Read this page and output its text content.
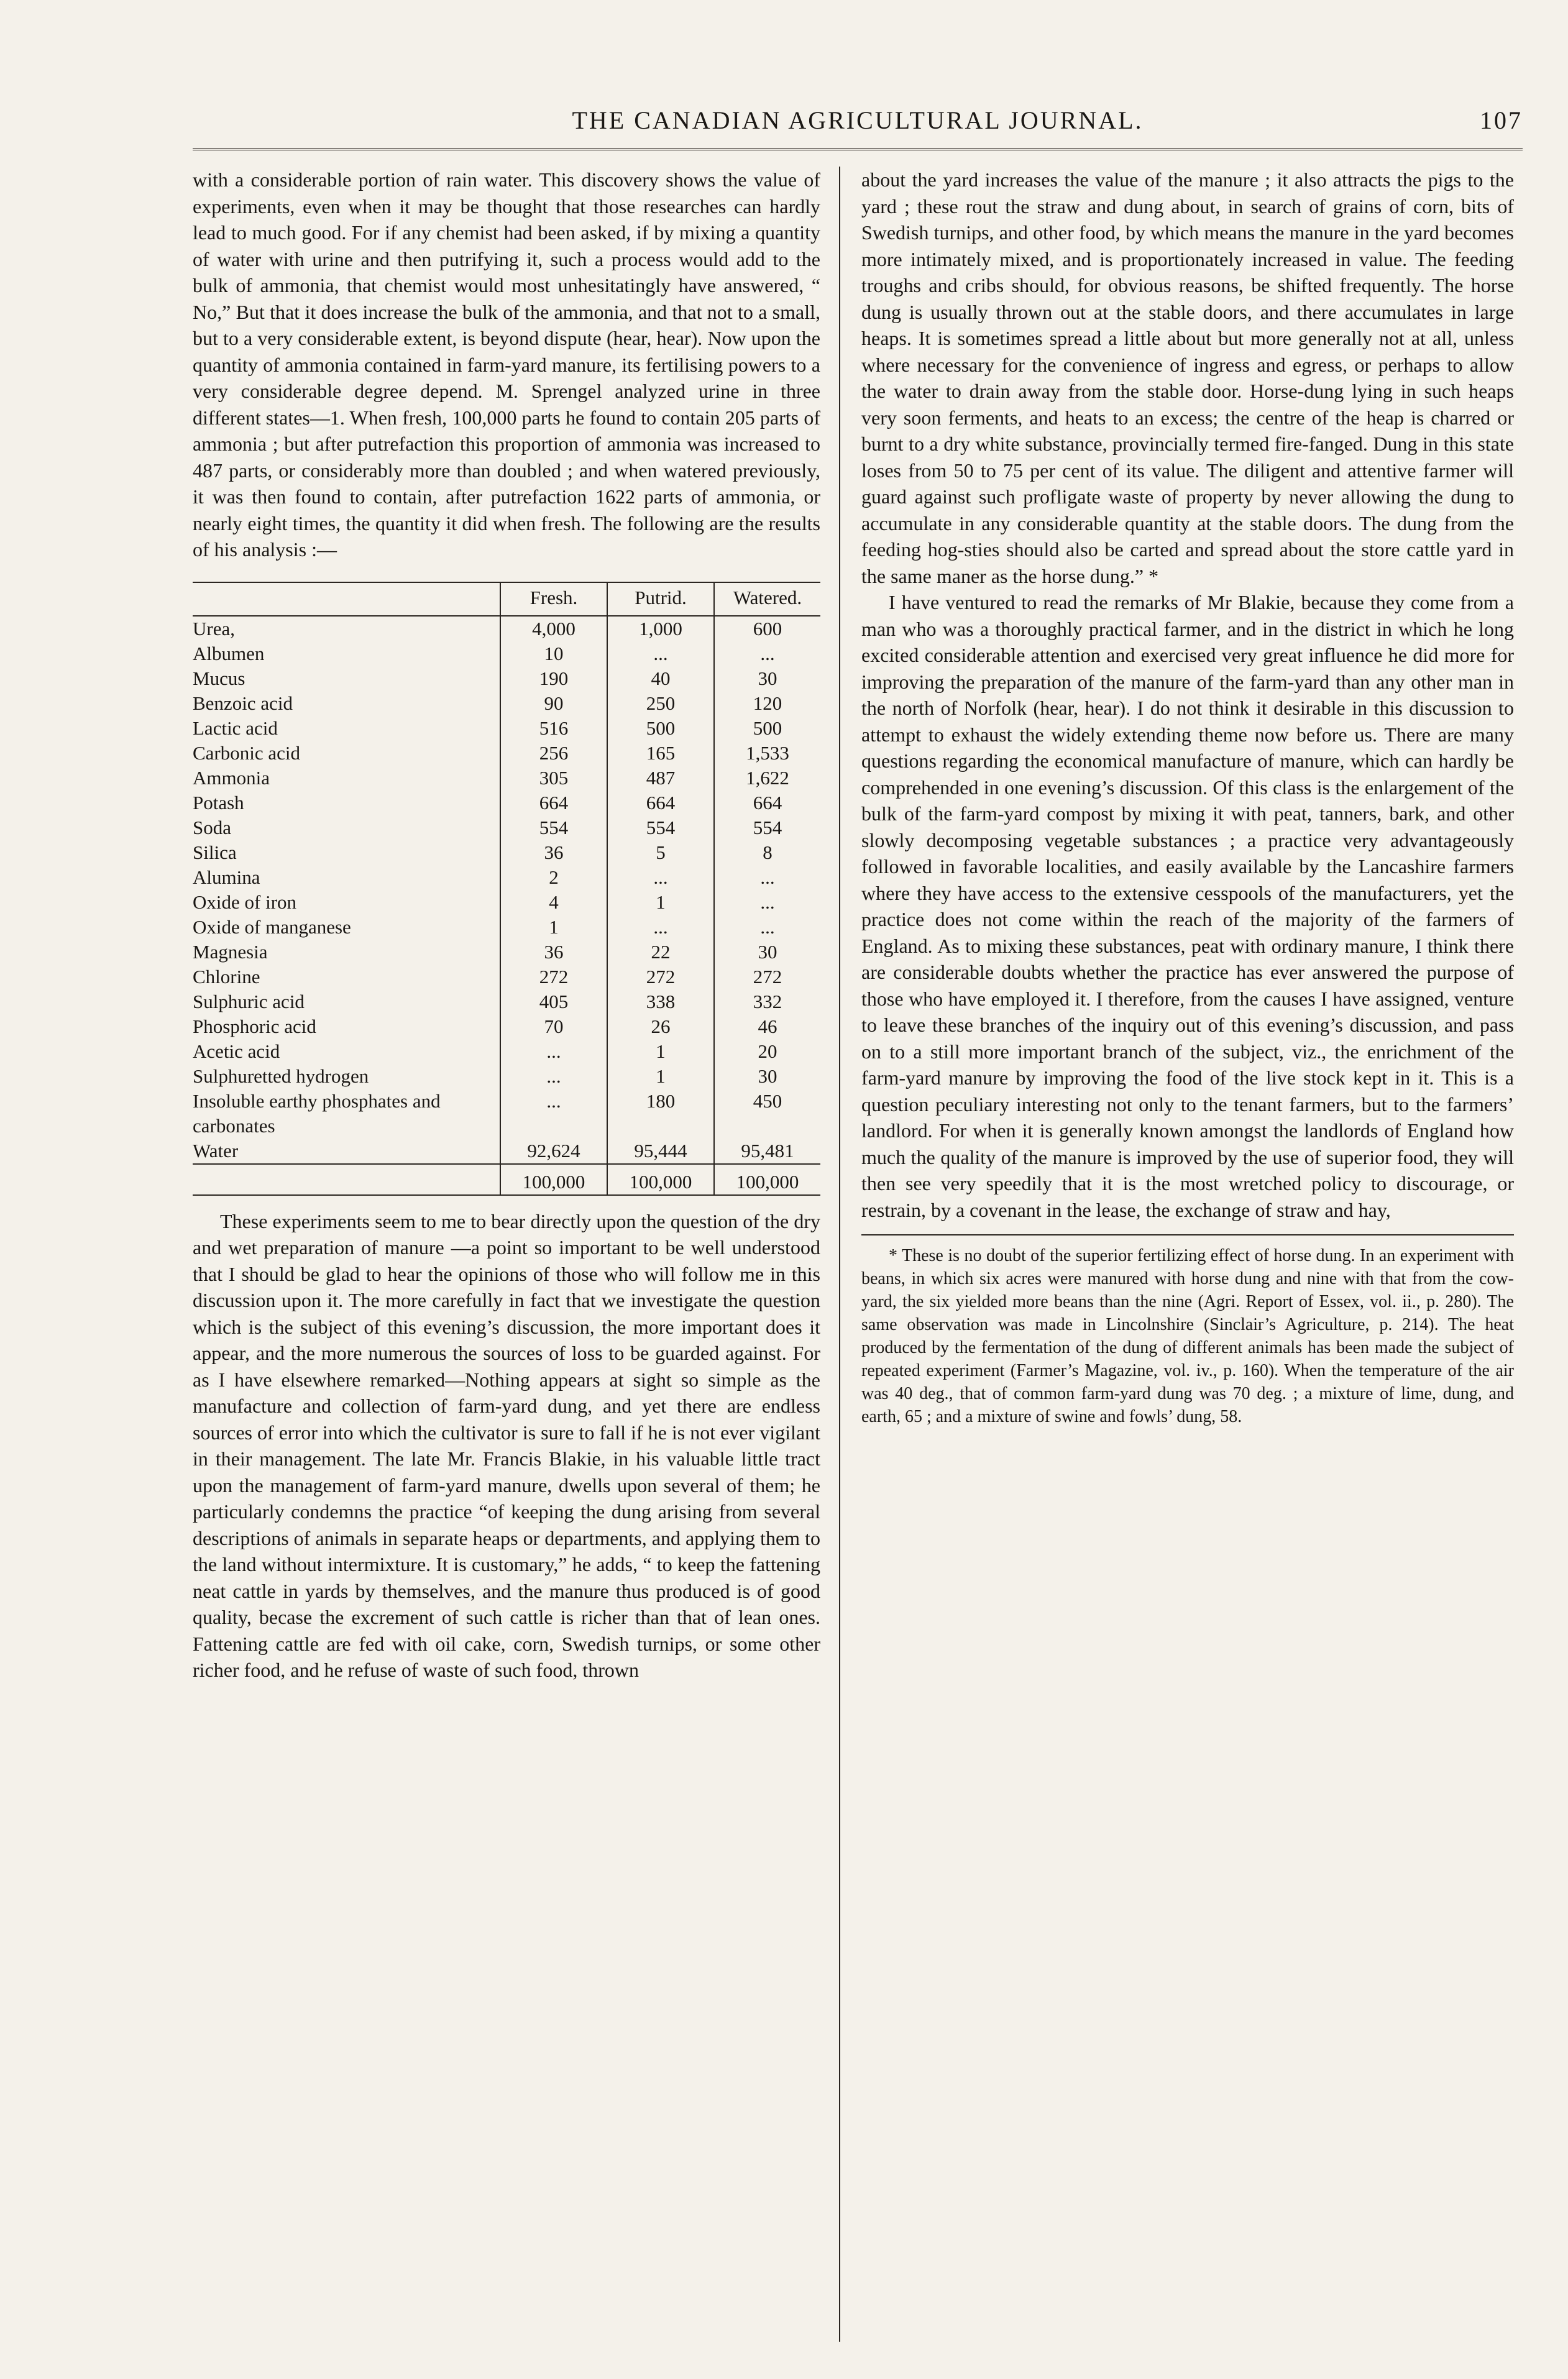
THE CANADIAN AGRICULTURAL JOURNAL.	107

with a considerable portion of rain water. This discovery shows the value of experiments, even when it may be thought that those researches can hardly lead to much good. For if any chemist had been asked, if by mixing a quantity of water with urine and then putrifying it, such a process would add to the bulk of ammonia, that chemist would most unhesitatingly have answered, “ No,” But that it does increase the bulk of the ammonia, and that not to a small, but to a very considerable extent, is beyond dispute (hear, hear). Now upon the quantity of ammonia contained in farm-yard manure, its fertilising powers to a very considerable degree depend. M. Sprengel analyzed urine in three different states—1. When fresh, 100,000 parts he found to contain 205 parts of ammonia ; but after putrefaction this proportion of ammonia was increased to 487 parts, or considerably more than doubled ; and when watered previously, it was then found to contain, after putrefaction 1622 parts of ammonia, or nearly eight times, the quantity it did when fresh. The following are the results of his analysis :—

	Fresh.	Putrid.	Watered.
Urea,	4,000	1,000	600
Albumen	10	...	...
Mucus	190	40	30
Benzoic acid	90	250	120
Lactic acid	516	500	500
Carbonic acid	256	165	1,533
Ammonia	305	487	1,622
Potash	664	664	664
Soda	554	554	554
Silica	36	5	8
Alumina	2	...	...
Oxide of iron	4	1	...
Oxide of manganese	1	...	...
Magnesia	36	22	30
Chlorine	272	272	272
Sulphuric acid	405	338	332
Phosphoric acid	70	26	46
Acetic acid	...	1	20
Sulphuretted hydrogen	...	1	30
Insoluble earthy phosphates and carbonates	...	180	450
Water	92,624	95,444	95,481
	100,000	100,000	100,000

These experiments seem to me to bear directly upon the question of the dry and wet preparation of manure —a point so important to be well understood that I should be glad to hear the opinions of those who will follow me in this discussion upon it. The more carefully in fact that we investigate the question which is the subject of this evening’s discussion, the more important does it appear, and the more numerous the sources of loss to be guarded against. For as I have elsewhere remarked—Nothing appears at sight so simple as the manufacture and collection of farm-yard dung, and yet there are endless sources of error into which the cultivator is sure to fall if he is not ever vigilant in their management. The late Mr. Francis Blakie, in his valuable little tract upon the management of farm-yard manure, dwells upon several of them; he particularly condemns the practice “of keeping the dung arising from several descriptions of animals in separate heaps or departments, and applying them to the land without intermixture. It is customary,” he adds, “ to keep the fattening neat cattle in yards by themselves, and the manure thus produced is of good quality, becase the excrement of such cattle is richer than that of lean ones. Fattening cattle are fed with oil cake, corn, Swedish turnips, or some other richer food, and he refuse of waste of such food, thrown

about the yard increases the value of the manure ; it also attracts the pigs to the yard ; these rout the straw and dung about, in search of grains of corn, bits of Swedish turnips, and other food, by which means the manure in the yard becomes more intimately mixed, and is proportionately increased in value. The feeding troughs and cribs should, for obvious reasons, be shifted frequently. The horse dung is usually thrown out at the stable doors, and there accumulates in large heaps. It is sometimes spread a little about but more generally not at all, unless where necessary for the convenience of ingress and egress, or perhaps to allow the water to drain away from the stable door. Horse-dung lying in such heaps very soon ferments, and heats to an excess; the centre of the heap is charred or burnt to a dry white substance, provincially termed fire-fanged. Dung in this state loses from 50 to 75 per cent of its value. The diligent and attentive farmer will guard against such profligate waste of property by never allowing the dung to accumulate in any considerable quantity at the stable doors. The dung from the feeding hog-sties should also be carted and spread about the store cattle yard in the same maner as the horse dung.” *

I have ventured to read the remarks of Mr Blakie, because they come from a man who was a thoroughly practical farmer, and in the district in which he long excited considerable attention and exercised very great influence he did more for improving the preparation of the manure of the farm-yard than any other man in the north of Norfolk (hear, hear). I do not think it desirable in this discussion to attempt to exhaust the widely extending theme now before us. There are many questions regarding the economical manufacture of manure, which can hardly be comprehended in one evening’s discussion. Of this class is the enlargement of the bulk of the farm-yard compost by mixing it with peat, tanners, bark, and other slowly decomposing vegetable substances ; a practice very advantageously followed in favorable localities, and easily available by the Lancashire farmers where they have access to the extensive cesspools of the manufacturers, yet the practice does not come within the reach of the majority of the farmers of England. As to mixing these substances, peat with ordinary manure, I think there are considerable doubts whether the practice has ever answered the purpose of those who have employed it. I therefore, from the causes I have assigned, venture to leave these branches of the inquiry out of this evening’s discussion, and pass on to a still more important branch of the subject, viz., the enrichment of the farm-yard manure by improving the food of the live stock kept in it. This is a question peculiary interesting not only to the tenant farmers, but to the farmers’ landlord. For when it is generally known amongst the landlords of England how much the quality of the manure is improved by the use of superior food, they will then see very speedily that it is the most wretched policy to discourage, or restrain, by a covenant in the lease, the exchange of straw and hay,

* These is no doubt of the superior fertilizing effect of horse dung. In an experiment with beans, in which six acres were manured with horse dung and nine with that from the cow-yard, the six yielded more beans than the nine (Agri. Report of Essex, vol. ii., p. 280). The same observation was made in Lincolnshire (Sinclair’s Agriculture, p. 214). The heat produced by the fermentation of the dung of different animals has been made the subject of repeated experiment (Farmer’s Magazine, vol. iv., p. 160). When the temperature of the air was 40 deg., that of common farm-yard dung was 70 deg. ; a mixture of lime, dung, and earth, 65 ; and a mixture of swine and fowls’ dung, 58.
